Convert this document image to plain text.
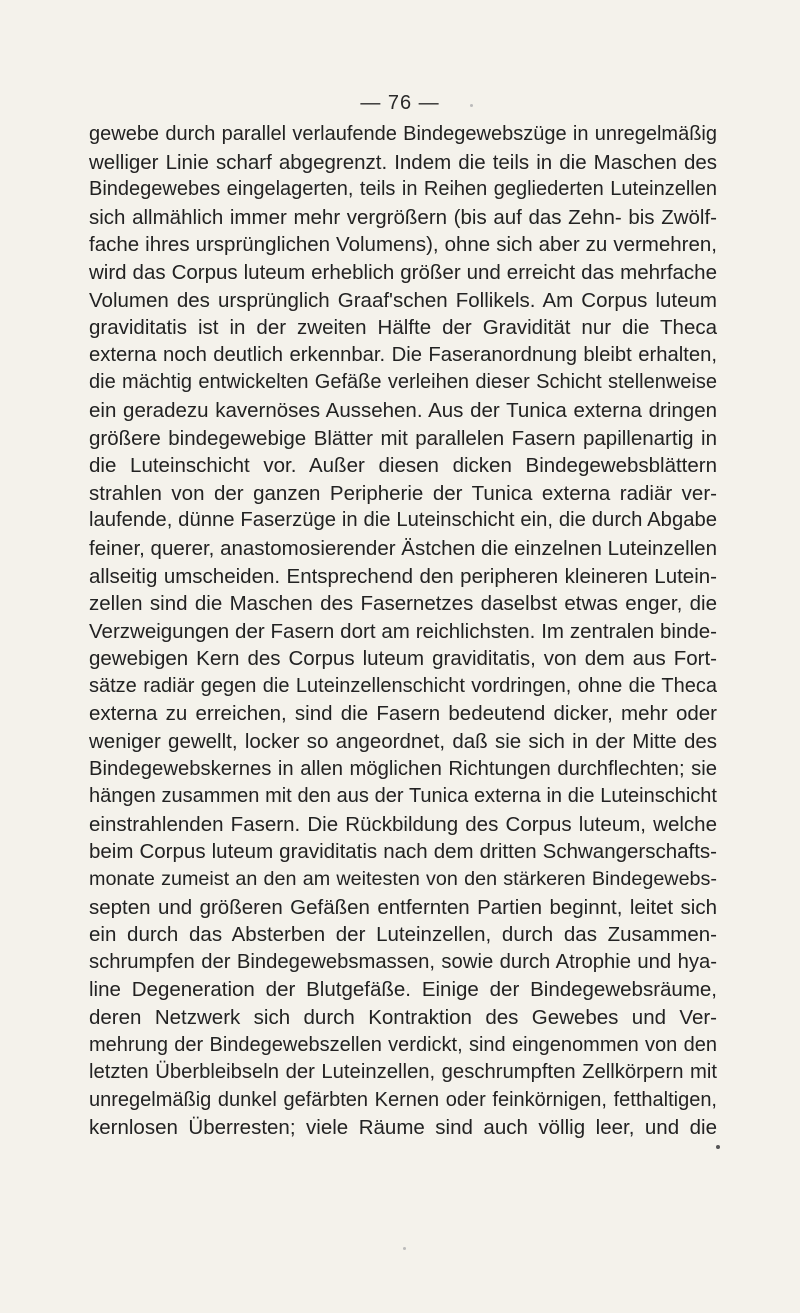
— 76 —
gewebe durch parallel verlaufende Bindegewebszüge in unregelmäßig
welliger Linie scharf abgegrenzt. Indem die teils in die Maschen des
Bindegewebes eingelagerten, teils in Reihen gegliederten Luteinzellen
sich allmählich immer mehr vergrößern (bis auf das Zehn- bis Zwölf-
fache ihres ursprünglichen Volumens), ohne sich aber zu vermehren,
wird das Corpus luteum erheblich größer und erreicht das mehrfache
Volumen des ursprünglich Graaf'schen Follikels. Am Corpus luteum
graviditatis ist in der zweiten Hälfte der Gravidität nur die Theca
externa noch deutlich erkennbar. Die Faseranordnung bleibt erhalten,
die mächtig entwickelten Gefäße verleihen dieser Schicht stellenweise
ein geradezu kavernöses Aussehen. Aus der Tunica externa dringen
größere bindegewebige Blätter mit parallelen Fasern papillenartig in
die Luteinschicht vor. Außer diesen dicken Bindegewebsblättern
strahlen von der ganzen Peripherie der Tunica externa radiär ver-
laufende, dünne Faserzüge in die Luteinschicht ein, die durch Abgabe
feiner, querer, anastomosierender Ästchen die einzelnen Luteinzellen
allseitig umscheiden. Entsprechend den peripheren kleineren Lutein-
zellen sind die Maschen des Fasernetzes daselbst etwas enger, die
Verzweigungen der Fasern dort am reichlichsten. Im zentralen binde-
gewebigen Kern des Corpus luteum graviditatis, von dem aus Fort-
sätze radiär gegen die Luteinzellenschicht vordringen, ohne die Theca
externa zu erreichen, sind die Fasern bedeutend dicker, mehr oder
weniger gewellt, locker so angeordnet, daß sie sich in der Mitte des
Bindegewebskernes in allen möglichen Richtungen durchflechten; sie
hängen zusammen mit den aus der Tunica externa in die Luteinschicht
einstrahlenden Fasern. Die Rückbildung des Corpus luteum, welche
beim Corpus luteum graviditatis nach dem dritten Schwangerschafts-
monate zumeist an den am weitesten von den stärkeren Bindegewebs-
septen und größeren Gefäßen entfernten Partien beginnt, leitet sich
ein durch das Absterben der Luteinzellen, durch das Zusammen-
schrumpfen der Bindegewebsmassen, sowie durch Atrophie und hya-
line Degeneration der Blutgefäße. Einige der Bindegewebsräume,
deren Netzwerk sich durch Kontraktion des Gewebes und Ver-
mehrung der Bindegewebszellen verdickt, sind eingenommen von den
letzten Überbleibseln der Luteinzellen, geschrumpften Zellkörpern mit
unregelmäßig dunkel gefärbten Kernen oder feinkörnigen, fetthaltigen,
kernlosen Überresten; viele Räume sind auch völlig leer, und die
